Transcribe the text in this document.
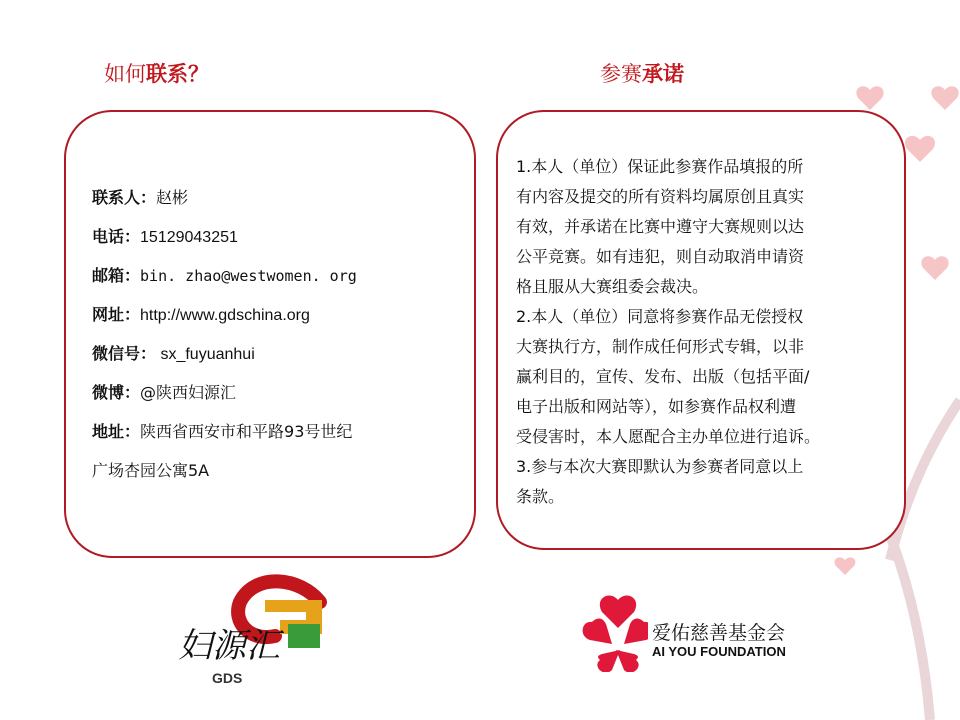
如何联系？	参赛承诺
联系人：赵彬
电话：15129043251
邮箱：bin. zhao@westwomen. org
网址：http://www.gdschina.org
微信号： sx_fuyuanhui
微博：@陕西妇源汇
地址：陕西省西安市和平路93号世纪
广场杏园公寓5A
1.本人（单位）保证此参赛作品填报的所
有内容及提交的所有资料均属原创且真实
有效，并承诺在比赛中遵守大赛规则以达
公平竞赛。如有违犯，则自动取消申请资
格且服从大赛组委会裁决。
2.本人（单位）同意将参赛作品无偿授权
大赛执行方，制作成任何形式专辑，以非
赢利目的，宣传、发布、出版（包括平面/
电子出版和网站等），如参赛作品权利遭
受侵害时，本人愿配合主办单位进行追诉。
3.参与本次大赛即默认为参赛者同意以上
条款。
妇源汇
GDS
爱佑慈善基金会
AI YOU FOUNDATION
